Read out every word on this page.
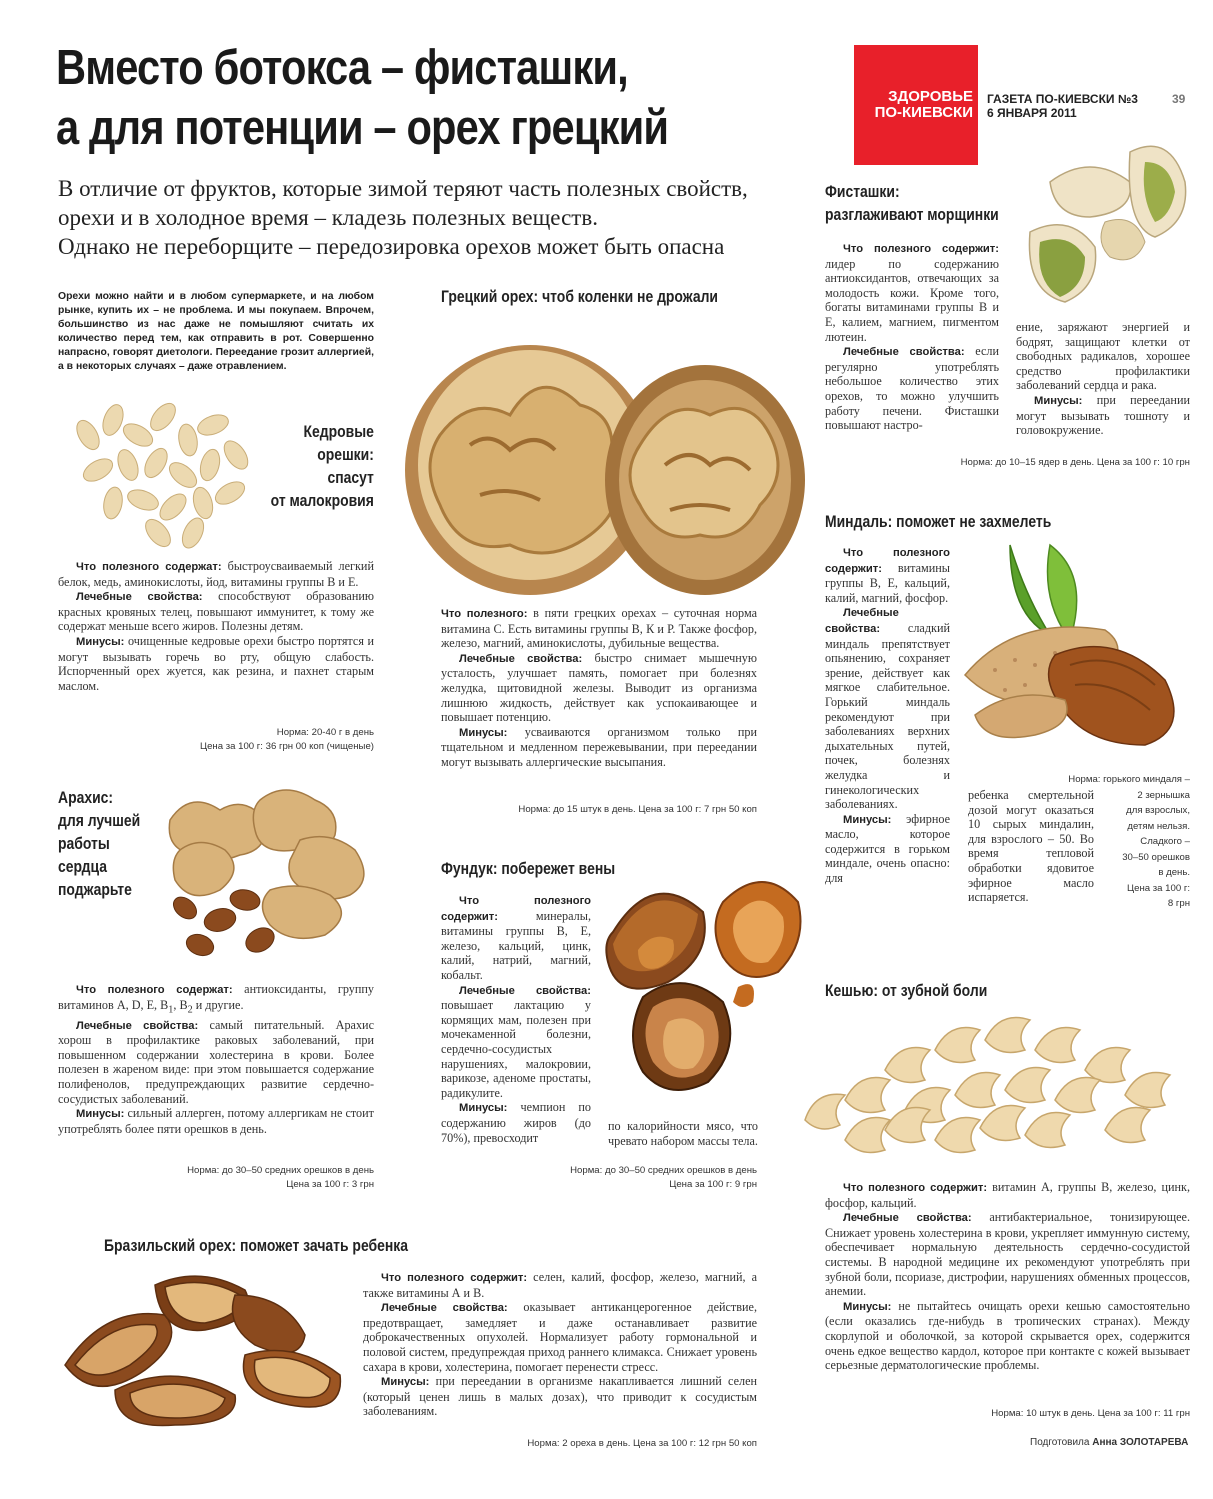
Вместо ботокса – фисташки,
а для потенции – орех грецкий
В отличие от фруктов, которые зимой теряют часть полезных свойств,
орехи и в холодное время – кладезь полезных веществ.
Однако не переборщите – передозировка орехов может быть опасна
ЗДОРОВЬЕ
ПО-КИЕВСКИ
ГАЗЕТА ПО-КИЕВСКИ №3
6 ЯНВАРЯ 2011
39
Орехи можно найти и в любом супермаркете, и на любом рынке, купить их – не проблема. И мы покупаем. Впрочем, большинство из нас даже не помышляют считать их количество перед тем, как отправить в рот. Совершенно напрасно, говорят диетологи. Переедание грозит аллергией, а в некоторых случаях – даже отравлением.
Кедровые
орешки:
спасут
от малокровия

Что полезного содержат: быстроусваиваемый легкий белок, медь, аминокислоты, йод, витамины группы В и Е.

Лечебные свойства: способствуют образованию красных кровяных телец, повышают иммунитет, к тому же содержат меньше всего жиров. Полезны детям.

Минусы: очищенные кедровые орехи быстро портятся и могут вызывать горечь во рту, общую слабость. Испорченный орех жуется, как резина, и пахнет старым маслом.

Норма: 20-40 г в день
Цена за 100 г: 36 грн 00 коп (чищеные)
Арахис:
для лучшей
работы
сердца
поджарьте

Что полезного содержат: антиоксиданты, группу витаминов А, D, Е, $В_1$, $В_2$ и другие.

Лечебные свойства: самый питательный. Арахис хорош в профилактике раковых заболеваний, при повышенном содержании холестерина в крови. Более полезен в жареном виде: при этом повышается содержание полифенолов, предупреждающих развитие сердечно-сосудистых заболеваний.

Минусы: сильный аллерген, потому аллергикам не стоит употреблять более пяти орешков в день.

Норма: до 30–50 средних орешков в день
Цена за 100 г: 3 грн
Грецкий орех: чтоб коленки не дрожали

Что полезного: в пяти грецких орехах – суточная норма витамина С. Есть витамины группы В, К и Р. Также фосфор, железо, магний, аминокислоты, дубильные вещества.

Лечебные свойства: быстро снимает мышечную усталость, улучшает память, помогает при болезнях желудка, щитовидной железы. Выводит из организма лишнюю жидкость, действует как успокаивающее и повышает потенцию.

Минусы: усваиваются организмом только при тщательном и медленном пережевывании, при переедании могут вызывать аллергические высыпания.

Норма: до 15 штук в день. Цена за 100 г: 7 грн 50 коп
Фундук: побережет вены

Что полезного содержит: минералы, витамины группы В, Е, железо, кальций, цинк, калий, натрий, магний, кобальт.

Лечебные свойства: повышает лактацию у кормящих мам, полезен при мочекаменной болезни, сердечно-сосудистых нарушениях, малокровии, варикозе, аденоме простаты, радикулите.

Минусы: чемпион по содержанию жиров (до 70%), превосходит

по калорийности мясо, что чревато набором массы тела.
Норма: до 30–50 средних орешков в день
Цена за 100 г: 9 грн
Бразильский орех: поможет зачать ребенка

Что полезного содержит: селен, калий, фосфор, железо, магний, а также витамины А и В.

Лечебные свойства: оказывает антиканцерогенное действие, предотвращает, замедляет и даже останавливает развитие доброкачественных опухолей. Нормализует работу гормональной и половой систем, предупреждая приход раннего климакса. Снижает уровень сахара в крови, холестерина, помогает перенести стресс.

Минусы: при переедании в организме накапливается лишний селен (который ценен лишь в малых дозах), что приводит к сосудистым заболеваниям.

Норма: 2 ореха в день. Цена за 100 г: 12 грн 50 коп
Фисташки:
разглаживают морщинки

Что полезного содержит: лидер по содержанию антиоксидантов, отвечающих за молодость кожи. Кроме того, богаты витаминами группы В и Е, калием, магнием, пигментом лютеин.

Лечебные свойства: если регулярно употреблять небольшое количество этих орехов, то можно улучшить работу печени. Фисташки повышают настро-

ение, заряжают энергией и бодрят, защищают клетки от свободных радикалов, хорошее средство профилактики заболеваний сердца и рака.

Минусы: при переедании могут вызывать тошноту и головокружение.

Норма: до 10–15 ядер в день. Цена за 100 г: 10 грн
Миндаль: поможет не захмелеть

Что полезного содержит: витамины группы В, Е, кальций, калий, магний, фосфор.

Лечебные свойства: сладкий миндаль препятствует опьянению, сохраняет зрение, действует как мягкое слабительное. Горький миндаль рекомендуют при заболеваниях верхних дыхательных путей, почек, болезнях желудка и гинекологических заболеваниях.

Минусы: эфирное масло, которое содержится в горьком миндале, очень опасно: для

ребенка смертельной дозой могут оказаться 10 сырых миндалин, для взрослого – 50. Во время тепловой обработки ядовитое эфирное масло испаряется.
Норма: горького миндаля –
2 зернышка
для взрослых,
детям нельзя.
Сладкого –
30–50 орешков
в день.
Цена за 100 г:
8 грн
Кешью: от зубной боли

Что полезного содержит: витамин А, группы В, железо, цинк, фосфор, кальций.

Лечебные свойства: антибактериальное, тонизирующее. Снижает уровень холестерина в крови, укрепляет иммунную систему, обеспечивает нормальную деятельность сердечно-сосудистой системы. В народной медицине их рекомендуют употреблять при зубной боли, псориазе, дистрофии, нарушениях обменных процессов, анемии.

Минусы: не пытайтесь очищать орехи кешью самостоятельно (если оказались где-нибудь в тропических странах). Между скорлупой и оболочкой, за которой скрывается орех, содержится очень едкое вещество кардол, которое при контакте с кожей вызывает серьезные дерматологические проблемы.

Норма: 10 штук в день. Цена за 100 г: 11 грн
Подготовила Анна ЗОЛОТАРЕВА
